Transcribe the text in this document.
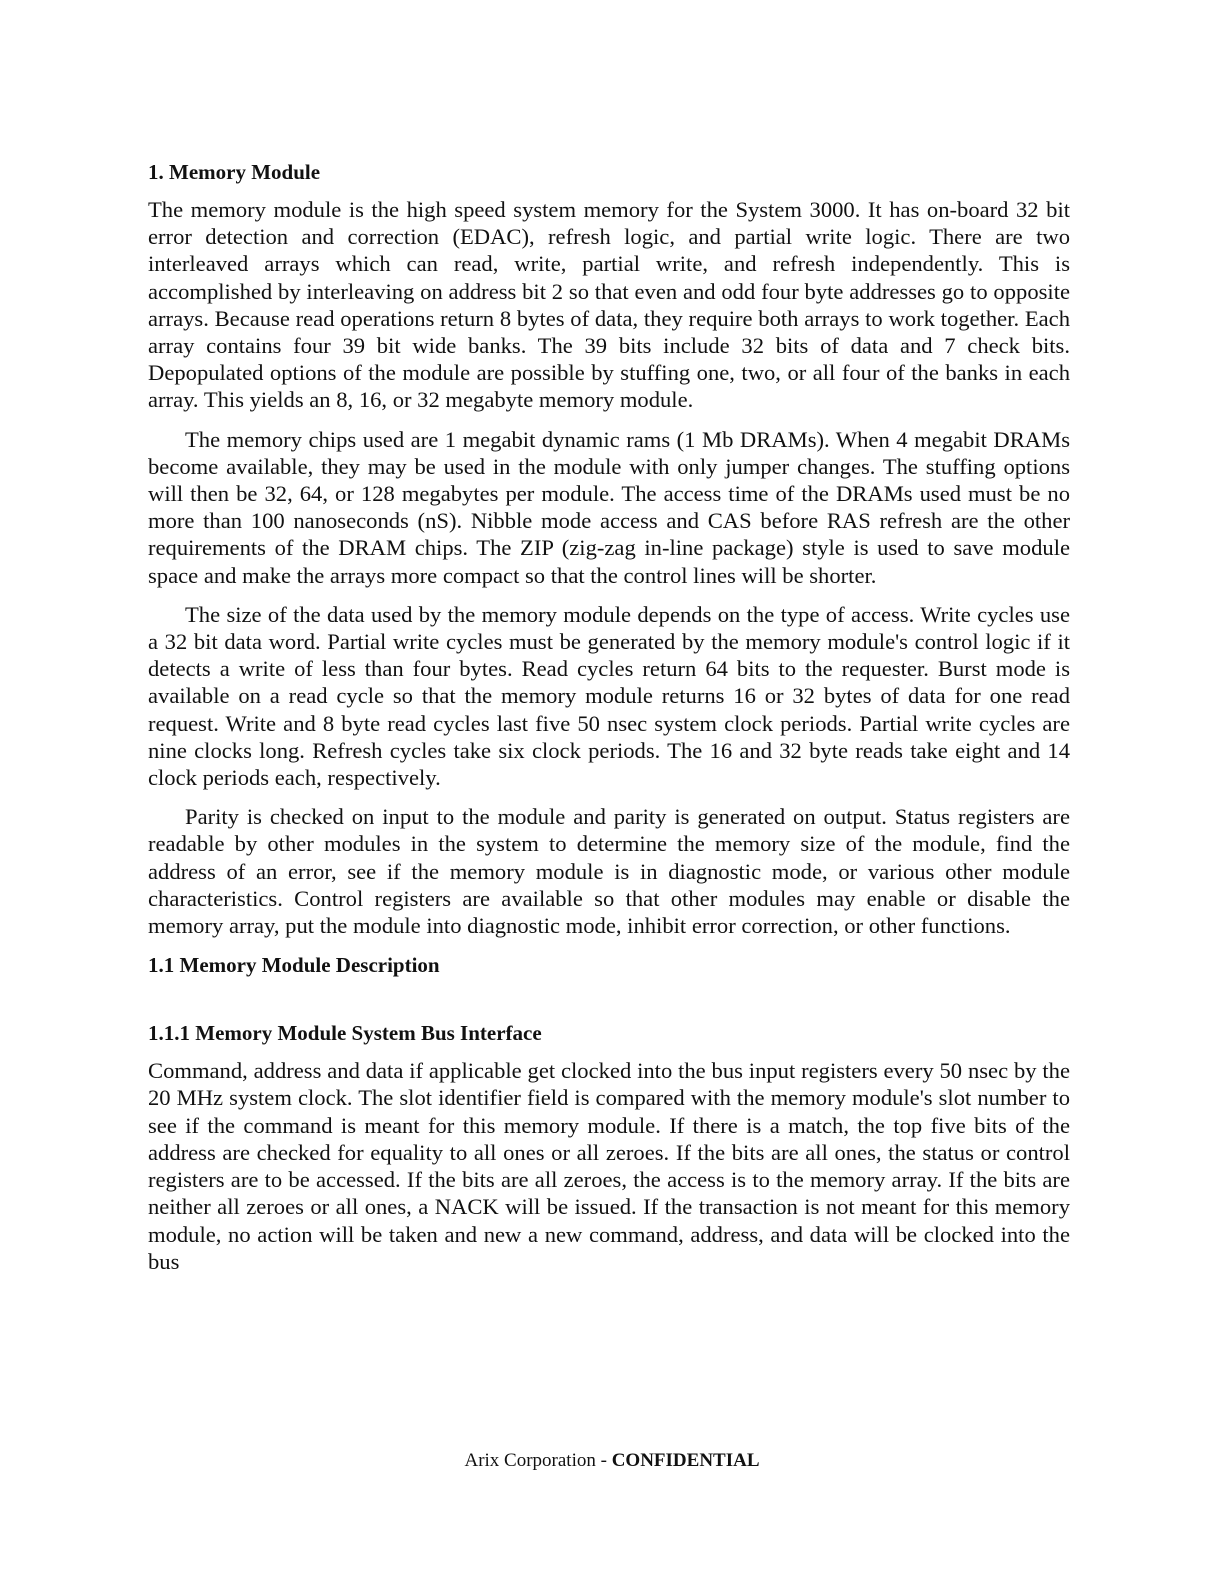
1. Memory Module

The memory module is the high speed system memory for the System 3000. It has on-board 32 bit error detection and correction (EDAC), refresh logic, and partial write logic. There are two interleaved arrays which can read, write, partial write, and refresh independently. This is accomplished by interleaving on address bit 2 so that even and odd four byte addresses go to opposite arrays. Because read operations return 8 bytes of data, they require both arrays to work together. Each array contains four 39 bit wide banks. The 39 bits include 32 bits of data and 7 check bits. Depopulated options of the module are possible by stuffing one, two, or all four of the banks in each array. This yields an 8, 16, or 32 megabyte memory module.

The memory chips used are 1 megabit dynamic rams (1 Mb DRAMs). When 4 megabit DRAMs become available, they may be used in the module with only jumper changes. The stuffing options will then be 32, 64, or 128 megabytes per module. The access time of the DRAMs used must be no more than 100 nanoseconds (nS). Nibble mode access and CAS before RAS refresh are the other requirements of the DRAM chips. The ZIP (zig-zag in-line package) style is used to save module space and make the arrays more compact so that the control lines will be shorter.

The size of the data used by the memory module depends on the type of access. Write cycles use a 32 bit data word. Partial write cycles must be generated by the memory module's control logic if it detects a write of less than four bytes. Read cycles return 64 bits to the requester. Burst mode is available on a read cycle so that the memory module returns 16 or 32 bytes of data for one read request. Write and 8 byte read cycles last five 50 nsec system clock periods. Partial write cycles are nine clocks long. Refresh cycles take six clock periods. The 16 and 32 byte reads take eight and 14 clock periods each, respectively.

Parity is checked on input to the module and parity is generated on output. Status registers are readable by other modules in the system to determine the memory size of the module, find the address of an error, see if the memory module is in diagnostic mode, or various other module characteristics. Control registers are available so that other modules may enable or disable the memory array, put the module into diagnostic mode, inhibit error correction, or other functions.

1.1 Memory Module Description
1.1.1 Memory Module System Bus Interface

Command, address and data if applicable get clocked into the bus input registers every 50 nsec by the 20 MHz system clock. The slot identifier field is compared with the memory module's slot number to see if the command is meant for this memory module. If there is a match, the top five bits of the address are checked for equality to all ones or all zeroes. If the bits are all ones, the status or control registers are to be accessed. If the bits are all zeroes, the access is to the memory array. If the bits are neither all zeroes or all ones, a NACK will be issued. If the transaction is not meant for this memory module, no action will be taken and new a new command, address, and data will be clocked into the bus

Arix Corporation - CONFIDENTIAL
